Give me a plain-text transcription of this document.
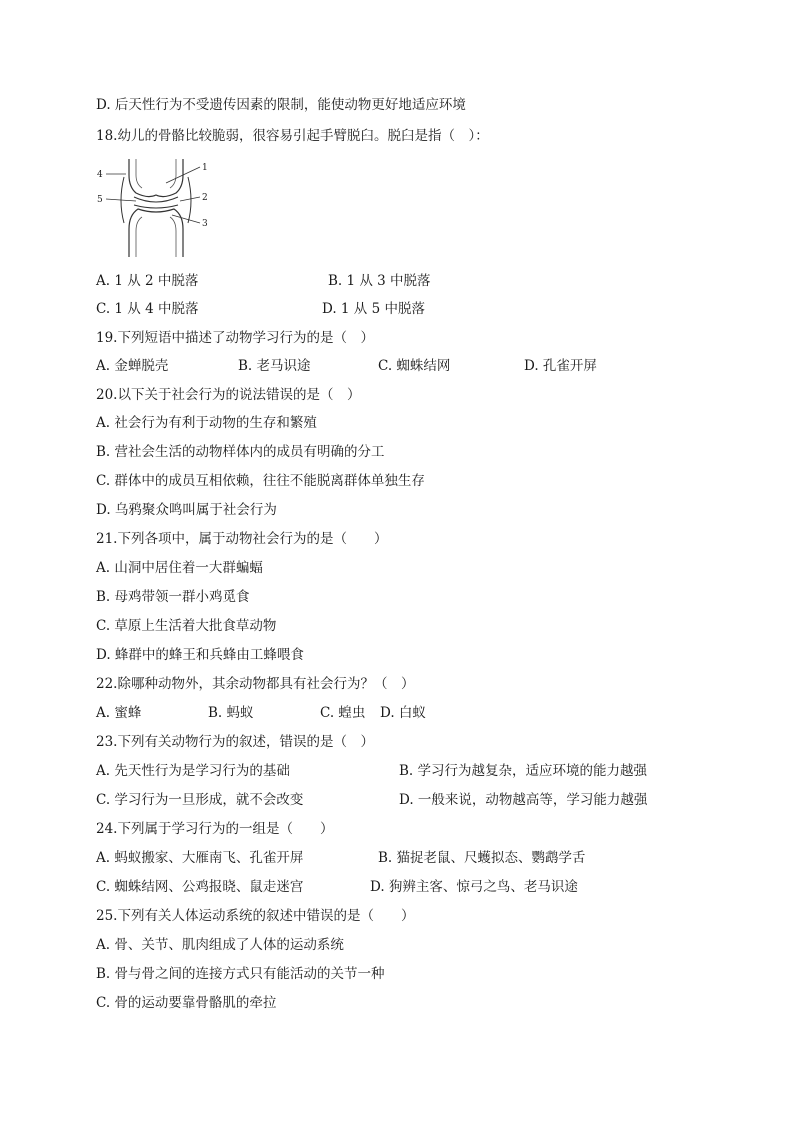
D. 后天性行为不受遗传因素的限制，能使动物更好地适应环境
18.幼儿的骨骼比较脆弱，很容易引起手臂脱臼。脱臼是指（　）：
1
2
3
4
5
A. 1 从 2 中脱落	B. 1 从 3 中脱落
C. 1 从 4 中脱落	D. 1 从 5 中脱落
19.下列短语中描述了动物学习行为的是（　）
A. 金蝉脱壳	B. 老马识途	C. 蜘蛛结网	D. 孔雀开屏
20.以下关于社会行为的说法错误的是（　）
A. 社会行为有利于动物的生存和繁殖
B. 营社会生活的动物样体内的成员有明确的分工
C. 群体中的成员互相依赖，往往不能脱离群体单独生存
D. 乌鸦聚众鸣叫属于社会行为
21.下列各项中，属于动物社会行为的是（　　）
A. 山洞中居住着一大群蝙蝠
B. 母鸡带领一群小鸡觅食
C. 草原上生活着大批食草动物
D. 蜂群中的蜂王和兵蜂由工蜂喂食
22.除哪种动物外，其余动物都具有社会行为？（　）
A. 蜜蜂	B. 蚂蚁	C. 蝗虫 D. 白蚁
23.下列有关动物行为的叙述，错误的是（　）
A. 先天性行为是学习行为的基础	B. 学习行为越复杂，适应环境的能力越强
C. 学习行为一旦形成，就不会改变	D. 一般来说，动物越高等，学习能力越强
24.下列属于学习行为的一组是（　　）
A. 蚂蚁搬家、大雁南飞、孔雀开屏	B. 猫捉老鼠、尺蠖拟态、鹦鹉学舌
C. 蜘蛛结网、公鸡报晓、鼠走迷宫	D. 狗辨主客、惊弓之鸟、老马识途
25.下列有关人体运动系统的叙述中错误的是（　　）
A. 骨、关节、肌肉组成了人体的运动系统
B. 骨与骨之间的连接方式只有能活动的关节一种
C. 骨的运动要靠骨骼肌的牵拉
